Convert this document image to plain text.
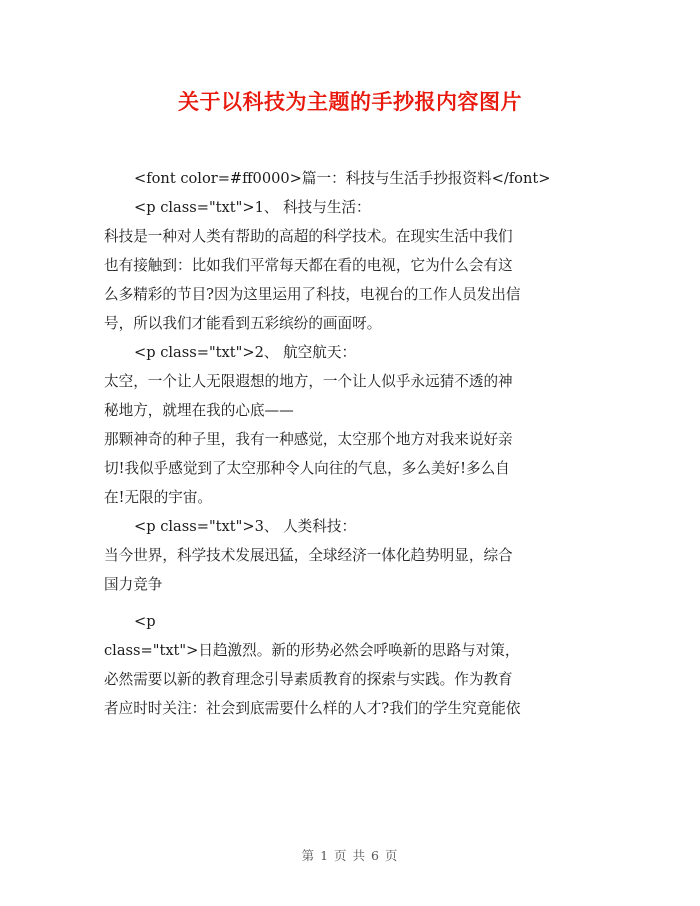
关于以科技为主题的手抄报内容图片
<font color=#ff0000>篇一：科技与生活手抄报资料</font>
<p class="txt">1、 科技与生活：
科技是一种对人类有帮助的高超的科学技术。在现实生活中我们
也有接触到：比如我们平常每天都在看的电视，它为什么会有这
么多精彩的节目?因为这里运用了科技，电视台的工作人员发出信
号，所以我们才能看到五彩缤纷的画面呀。
<p class="txt">2、 航空航天：
太空，一个让人无限遐想的地方，一个让人似乎永远猜不透的神
秘地方，就埋在我的心底——
那颗神奇的种子里，我有一种感觉，太空那个地方对我来说好亲
切!我似乎感觉到了太空那种令人向往的气息，多么美好!多么自
在!无限的宇宙。
<p class="txt">3、 人类科技：
当今世界，科学技术发展迅猛，全球经济一体化趋势明显，综合
国力竞争
<p
class="txt">日趋激烈。新的形势必然会呼唤新的思路与对策，
必然需要以新的教育理念引导素质教育的探索与实践。作为教育
者应时时关注：社会到底需要什么样的人才?我们的学生究竟能依
第 1 页 共 6 页
